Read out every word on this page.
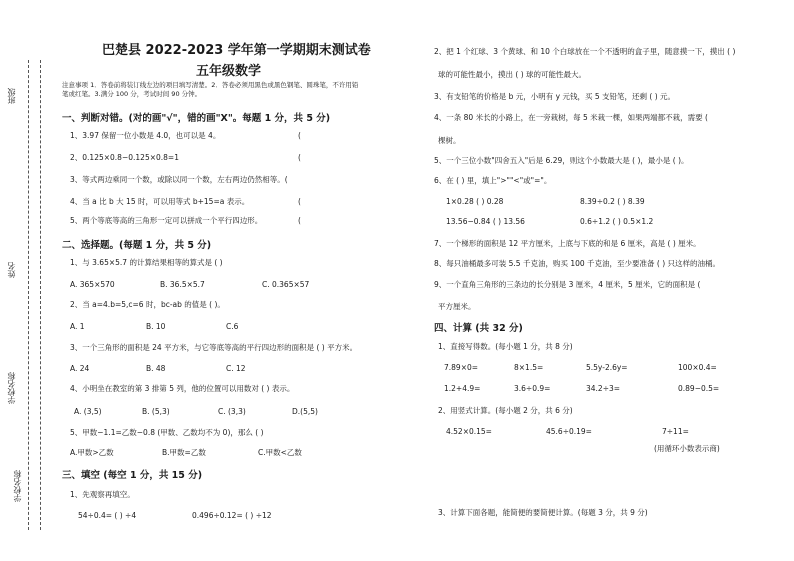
班级
姓名
学校名称
学校名称
巴楚县 2022-2023 学年第一学期期末测试卷
五年级数学
注意事项 1．答卷前将装订线左边的项目填写清楚。2．答卷必须用黑色或黑色钢笔、圆珠笔，不许用铅
笔或红笔。3.满分 100 分，考试时间 90 分钟。
一、判断对错。(对的画"√"，错的画"X"。每题 1 分，共 5 分)
1、3.97 保留一位小数是 4.0，也可以是 4。	(
2、0.125×0.8−0.125×0.8=1	(
3、等式两边乘同一个数，或除以同一个数，左右两边仍然相等。(
4、当 a 比 b 大 15 时，可以用等式 b+15=a 表示。	(
5、两个等底等高的三角形一定可以拼成一个平行四边形。	(
二、选择题。(每题 1 分，共 5 分)
1、与 3.65×5.7 的计算结果相等的算式是 ( )
A. 365×570	B. 36.5×5.7	C. 0.365×57
2、当 a=4.b=5,c=6 时，bc-ab 的值是 ( )。
A. 1	B. 10	C.6
3、一个三角形的面积是 24 平方米，与它等底等高的平行四边形的面积是 ( ) 平方米。
A. 24	B. 48	C. 12
4、小明坐在教室的第 3 排第 5 列，他的位置可以用数对 ( ) 表示。
A. (3,5)	B. (5,3)	C. (3,3)	D.(5,5)
5、甲数−1.1=乙数−0.8 (甲数、乙数均不为 0)，那么 ( )
A.甲数>乙数	B.甲数=乙数	C.甲数<乙数
三、填空 (每空 1 分，共 15 分)
1、先观察再填空。
54÷0.4= ( ) ÷4	0.496÷0.12= ( ) ÷12
2、把 1 个红球、3 个黄球、和 10 个白球放在一个不透明的盒子里，随意摸一下，摸出 ( )
球的可能性最小，摸出 ( ) 球的可能性最大。
3、有支铅笔的价格是 b 元，小明有 y 元钱，买 5 支铅笔，还剩 ( ) 元。
4、一条 80 米长的小路上，在一旁栽树，每 5 米栽一棵，如果两端都不栽，需要 (
棵树。
5、一个三位小数"四舍五入"后是 6.29，则这个小数最大是 ( )，最小是 ( )。
6、在 ( ) 里，填上">""<"或"="。
1×0.28 ( ) 0.28	8.39÷0.2 ( ) 8.39
13.56−0.84 ( ) 13.56	0.6÷1.2 ( ) 0.5×1.2
7、一个梯形的面积是 12 平方厘米，上底与下底的和是 6 厘米，高是 ( ) 厘米。
8、每只油桶最多可装 5.5 千克油，购买 100 千克油，至少要准备 ( ) 只这样的油桶。
9、一个直角三角形的三条边的长分别是 3 厘米，4 厘米，5 厘米，它的面积是 (
平方厘米。
四、计算 (共 32 分)
1、直接写得数。(每小题 1 分，共 8 分)
7.89×0=	8×1.5=	5.5y-2.6y=	100×0.4=
1.2+4.9=	3.6÷0.9=	34.2÷3=	0.89−0.5=
2、用竖式计算。(每小题 2 分，共 6 分)
4.52×0.15=	45.6÷0.19=	7÷11=
(用循环小数表示商)
3、计算下面各题，能简便的要简便计算。(每题 3 分，共 9 分)
